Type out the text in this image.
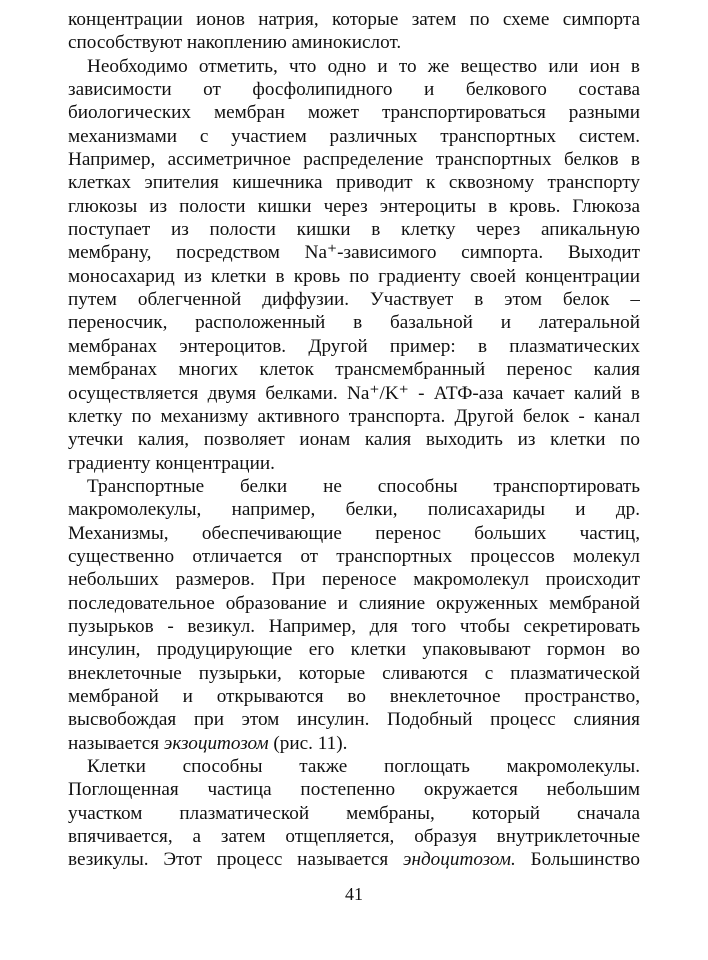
концентрации ионов натрия, которые затем по схеме симпорта
способствуют накоплению аминокислот.
Необходимо отметить, что одно и то же вещество или ион в
зависимости от фосфолипидного и белкового состава
биологических мембран может транспортироваться разными
механизмами с участием различных транспортных систем.
Например, ассиметричное распределение транспортных белков в
клетках эпителия кишечника приводит к сквозному транспорту
глюкозы из полости кишки через энтероциты в кровь. Глюкоза
поступает из полости кишки в клетку через апикальную
мембрану, посредством Na⁺-зависимого симпорта. Выходит
моносахарид из клетки в кровь по градиенту своей концентрации
путем облегченной диффузии. Участвует в этом белок –
переносчик, расположенный в базальной и латеральной
мембранах энтероцитов. Другой пример: в плазматических
мембранах многих клеток трансмембранный перенос калия
осуществляется двумя белками. Na⁺/K⁺ - АТФ-аза качает калий в
клетку по механизму активного транспорта. Другой белок - канал
утечки калия, позволяет ионам калия выходить из клетки по
градиенту концентрации.
Транспортные белки не способны транспортировать
макромолекулы, например, белки, полисахариды и др.
Механизмы, обеспечивающие перенос больших частиц,
существенно отличается от транспортных процессов молекул
небольших размеров. При переносе макромолекул происходит
последовательное образование и слияние окруженных мембраной
пузырьков - везикул. Например, для того чтобы секретировать
инсулин, продуцирующие его клетки упаковывают гормон во
внеклеточные пузырьки, которые сливаются с плазматической
мембраной и открываются во внеклеточное пространство,
высвобождая при этом инсулин. Подобный процесс слияния
называется экзоцитозом (рис. 11).
Клетки способны также поглощать макромолекулы.
Поглощенная частица постепенно окружается небольшим
участком плазматической мембраны, который сначала
впячивается, а затем отщепляется, образуя внутриклеточные
везикулы. Этот процесс называется эндоцитозом. Большинство
41
